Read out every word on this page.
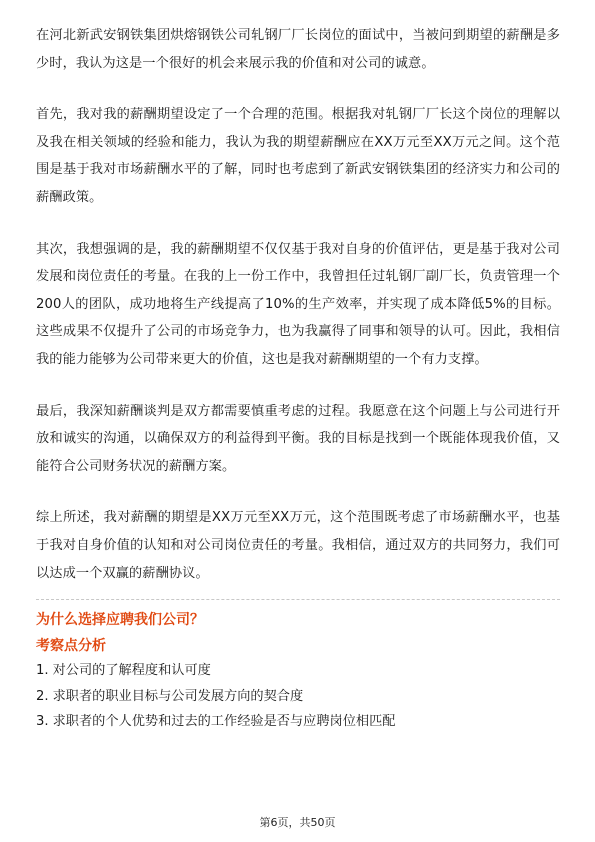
在河北新武安钢铁集团烘熔钢铁公司轧钢厂厂长岗位的面试中，当被问到期望的薪酬是多少时，我认为这是一个很好的机会来展示我的价值和对公司的诚意。

首先，我对我的薪酬期望设定了一个合理的范围。根据我对轧钢厂厂长这个岗位的理解以及我在相关领域的经验和能力，我认为我的期望薪酬应在XX万元至XX万元之间。这个范围是基于我对市场薪酬水平的了解，同时也考虑到了新武安钢铁集团的经济实力和公司的薪酬政策。

其次，我想强调的是，我的薪酬期望不仅仅基于我对自身的价值评估，更是基于我对公司发展和岗位责任的考量。在我的上一份工作中，我曾担任过轧钢厂副厂长，负责管理一个200人的团队，成功地将生产线提高了10%的生产效率，并实现了成本降低5%的目标。这些成果不仅提升了公司的市场竞争力，也为我赢得了同事和领导的认可。因此，我相信我的能力能够为公司带来更大的价值，这也是我对薪酬期望的一个有力支撑。

最后，我深知薪酬谈判是双方都需要慎重考虑的过程。我愿意在这个问题上与公司进行开放和诚实的沟通，以确保双方的利益得到平衡。我的目标是找到一个既能体现我价值，又能符合公司财务状况的薪酬方案。

综上所述，我对薪酬的期望是XX万元至XX万元，这个范围既考虑了市场薪酬水平，也基于我对自身价值的认知和对公司岗位责任的考量。我相信，通过双方的共同努力，我们可以达成一个双赢的薪酬协议。

为什么选择应聘我们公司？
考察点分析
1. 对公司的了解程度和认可度
2. 求职者的职业目标与公司发展方向的契合度
3. 求职者的个人优势和过去的工作经验是否与应聘岗位相匹配
第6页，共50页
